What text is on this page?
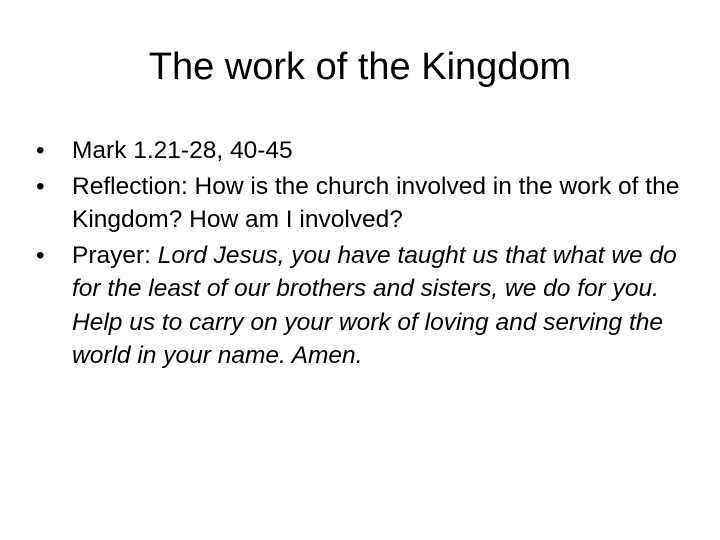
The work of the Kingdom
•	Mark 1.21-28, 40-45
•	Reflection: How is the church involved in the work of the Kingdom? How am I involved?
•	Prayer: Lord Jesus, you have taught us that what we do for the least of our brothers and sisters, we do for you. Help us to carry on your work of loving and serving the world in your name. Amen.
